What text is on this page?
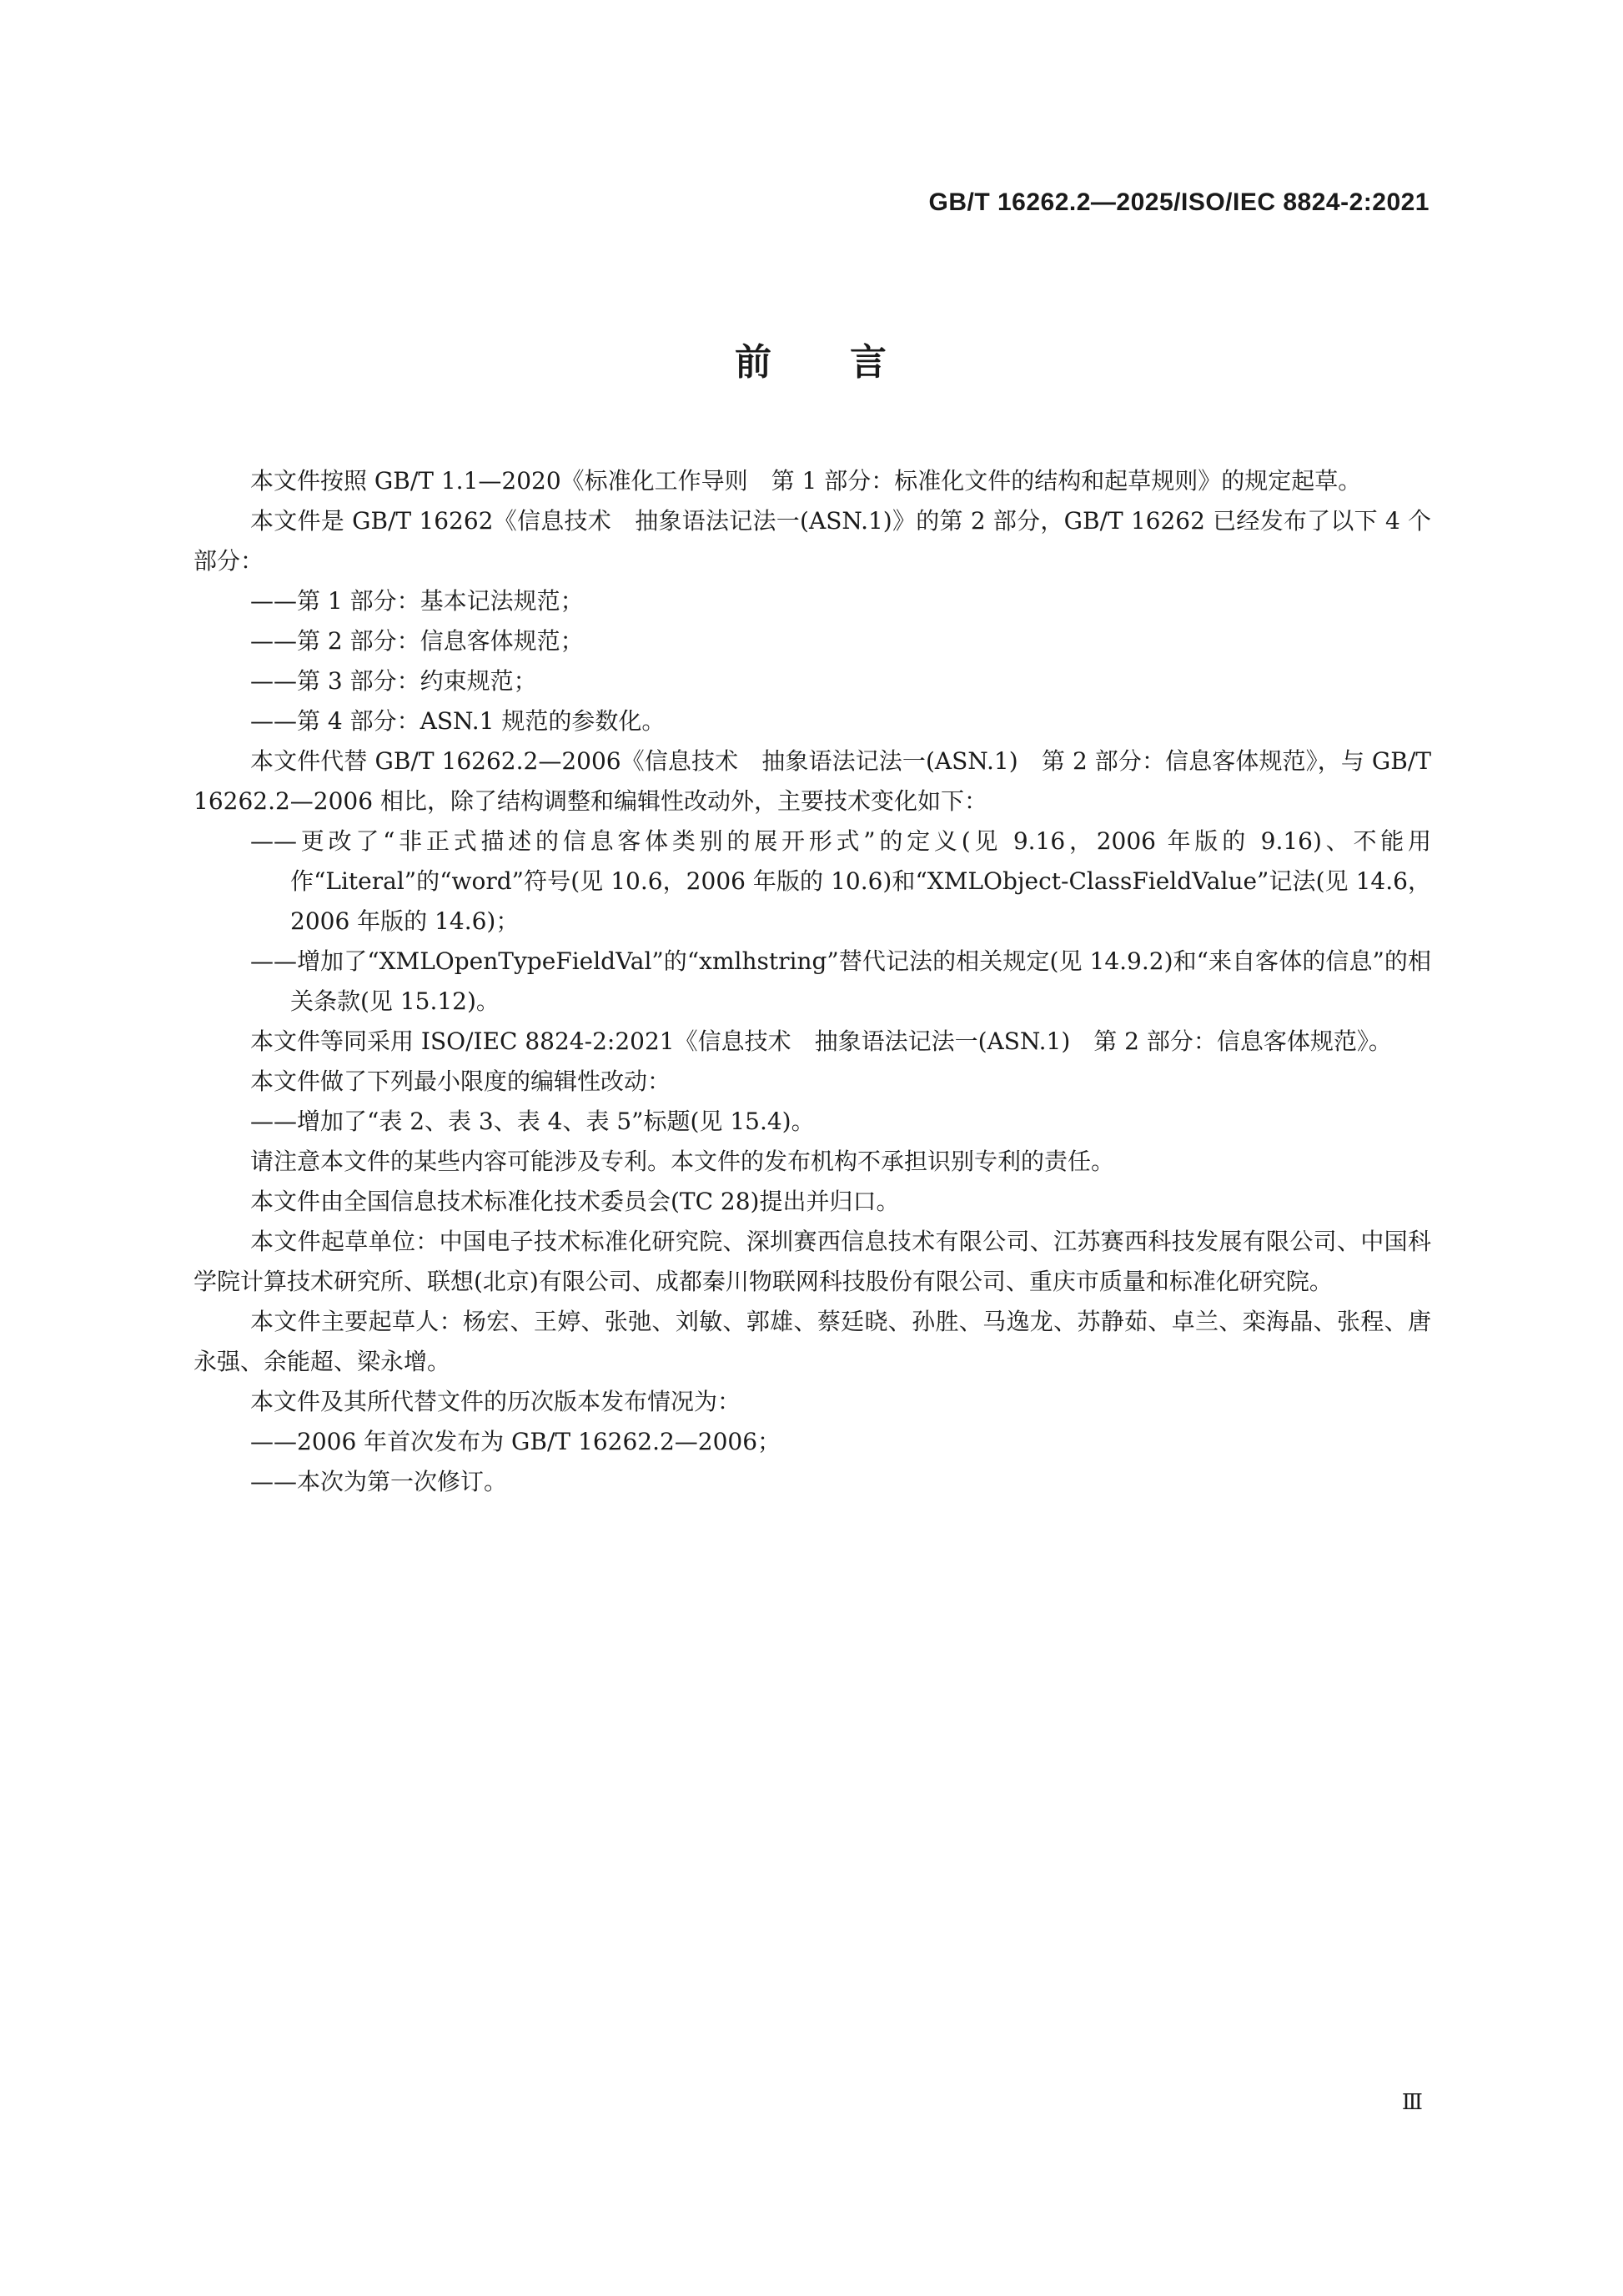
GB/T 16262.2—2025/ISO/IEC 8824-2:2021
前　　言

本文件按照 GB/T 1.1—2020《标准化工作导则　第 1 部分：标准化文件的结构和起草规则》的规定起草。

本文件是 GB/T 16262《信息技术　抽象语法记法一(ASN.1)》的第 2 部分，GB/T 16262 已经发布了以下 4 个部分：

——第 1 部分：基本记法规范；

——第 2 部分：信息客体规范；

——第 3 部分：约束规范；

——第 4 部分：ASN.1 规范的参数化。

本文件代替 GB/T 16262.2—2006《信息技术　抽象语法记法一(ASN.1)　第 2 部分：信息客体规范》，与 GB/T 16262.2—2006 相比，除了结构调整和编辑性改动外，主要技术变化如下：

——更改了“非正式描述的信息客体类别的展开形式”的定义(见 9.16，2006 年版的 9.16)、不能用作“Literal”的“word”符号(见 10.6，2006 年版的 10.6)和“XMLObject-ClassFieldValue”记法(见 14.6，2006 年版的 14.6)；

——增加了“XMLOpenTypeFieldVal”的“xmlhstring”替代记法的相关规定(见 14.9.2)和“来自客体的信息”的相关条款(见 15.12)。

本文件等同采用 ISO/IEC 8824-2:2021《信息技术　抽象语法记法一(ASN.1)　第 2 部分：信息客体规范》。

本文件做了下列最小限度的编辑性改动：

——增加了“表 2、表 3、表 4、表 5”标题(见 15.4)。

请注意本文件的某些内容可能涉及专利。本文件的发布机构不承担识别专利的责任。

本文件由全国信息技术标准化技术委员会(TC 28)提出并归口。

本文件起草单位：中国电子技术标准化研究院、深圳赛西信息技术有限公司、江苏赛西科技发展有限公司、中国科学院计算技术研究所、联想(北京)有限公司、成都秦川物联网科技股份有限公司、重庆市质量和标准化研究院。

本文件主要起草人：杨宏、王婷、张弛、刘敏、郭雄、蔡廷晓、孙胜、马逸龙、苏静茹、卓兰、栾海晶、张程、唐永强、余能超、梁永增。

本文件及其所代替文件的历次版本发布情况为：

——2006 年首次发布为 GB/T 16262.2—2006；

——本次为第一次修订。

Ⅲ
